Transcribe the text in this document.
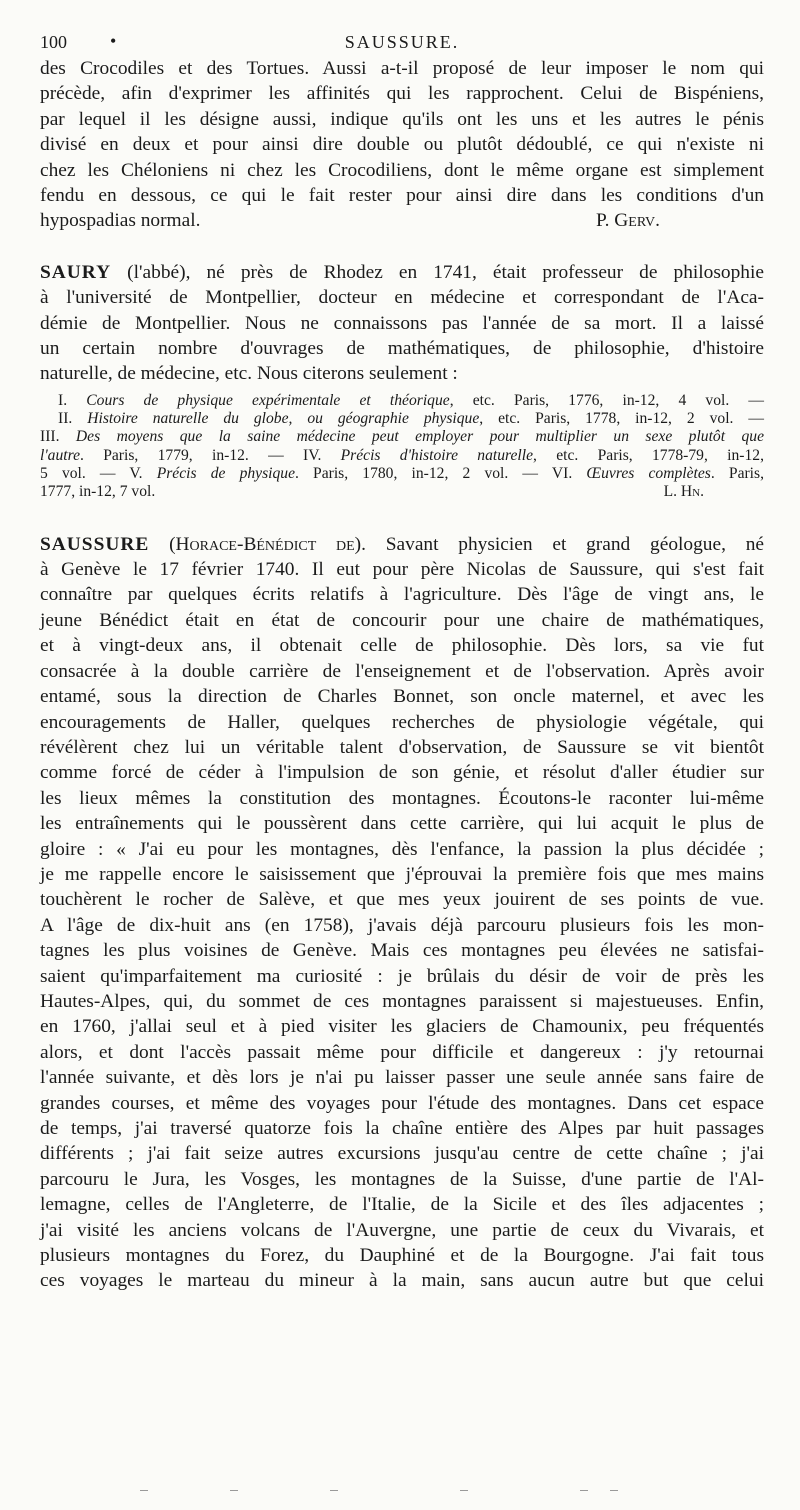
100 •	SAUSSURE.
des Crocodiles et des Tortues. Aussi a-t-il proposé de leur imposer le nom qui
précède, afin d'exprimer les affinités qui les rapprochent. Celui de Bispéniens,
par lequel il les désigne aussi, indique qu'ils ont les uns et les autres le pénis
divisé en deux et pour ainsi dire double ou plutôt dédoublé, ce qui n'existe ni
chez les Chéloniens ni chez les Crocodiliens, dont le même organe est simplement
fendu en dessous, ce qui le fait rester pour ainsi dire dans les conditions d'un
hypospadias normal.	P. Gerv.
SAURY (l'abbé), né près de Rhodez en 1741, était professeur de philosophie
à l'université de Montpellier, docteur en médecine et correspondant de l'Aca-
démie de Montpellier. Nous ne connaissons pas l'année de sa mort. Il a laissé
un certain nombre d'ouvrages de mathématiques, de philosophie, d'histoire
naturelle, de médecine, etc. Nous citerons seulement :
I. Cours de physique expérimentale et théorique, etc. Paris, 1776, in-12, 4 vol. —
II. Histoire naturelle du globe, ou géographie physique, etc. Paris, 1778, in-12, 2 vol. —
III. Des moyens que la saine médecine peut employer pour multiplier un sexe plutôt que
l'autre. Paris, 1779, in-12. — IV. Précis d'histoire naturelle, etc. Paris, 1778-79, in-12,
5 vol. — V. Précis de physique. Paris, 1780, in-12, 2 vol. — VI. Œuvres complètes. Paris,
1777, in-12, 7 vol.	L. Hn.
SAUSSURE (Horace-Bénédict de). Savant physicien et grand géologue, né
à Genève le 17 février 1740. Il eut pour père Nicolas de Saussure, qui s'est fait
connaître par quelques écrits relatifs à l'agriculture. Dès l'âge de vingt ans, le
jeune Bénédict était en état de concourir pour une chaire de mathématiques,
et à vingt-deux ans, il obtenait celle de philosophie. Dès lors, sa vie fut
consacrée à la double carrière de l'enseignement et de l'observation. Après avoir
entamé, sous la direction de Charles Bonnet, son oncle maternel, et avec les
encouragements de Haller, quelques recherches de physiologie végétale, qui
révélèrent chez lui un véritable talent d'observation, de Saussure se vit bientôt
comme forcé de céder à l'impulsion de son génie, et résolut d'aller étudier sur
les lieux mêmes la constitution des montagnes. Écoutons-le raconter lui-même
les entraînements qui le poussèrent dans cette carrière, qui lui acquit le plus de
gloire : « J'ai eu pour les montagnes, dès l'enfance, la passion la plus décidée ;
je me rappelle encore le saisissement que j'éprouvai la première fois que mes mains
touchèrent le rocher de Salève, et que mes yeux jouirent de ses points de vue.
A l'âge de dix-huit ans (en 1758), j'avais déjà parcouru plusieurs fois les mon-
tagnes les plus voisines de Genève. Mais ces montagnes peu élevées ne satisfai-
saient qu'imparfaitement ma curiosité : je brûlais du désir de voir de près les
Hautes-Alpes, qui, du sommet de ces montagnes paraissent si majestueuses. Enfin,
en 1760, j'allai seul et à pied visiter les glaciers de Chamounix, peu fréquentés
alors, et dont l'accès passait même pour difficile et dangereux : j'y retournai
l'année suivante, et dès lors je n'ai pu laisser passer une seule année sans faire de
grandes courses, et même des voyages pour l'étude des montagnes. Dans cet espace
de temps, j'ai traversé quatorze fois la chaîne entière des Alpes par huit passages
différents ; j'ai fait seize autres excursions jusqu'au centre de cette chaîne ; j'ai
parcouru le Jura, les Vosges, les montagnes de la Suisse, d'une partie de l'Al-
lemagne, celles de l'Angleterre, de l'Italie, de la Sicile et des îles adjacentes ;
j'ai visité les anciens volcans de l'Auvergne, une partie de ceux du Vivarais, et
plusieurs montagnes du Forez, du Dauphiné et de la Bourgogne. J'ai fait tous
ces voyages le marteau du mineur à la main, sans aucun autre but que celui
